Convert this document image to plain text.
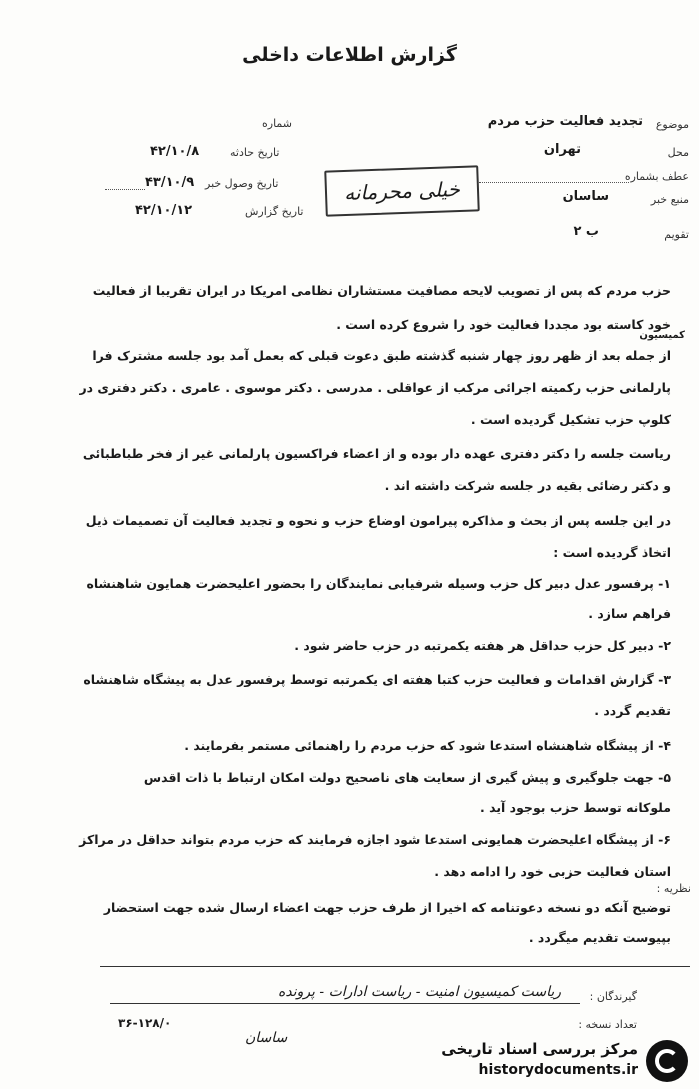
گزارش اطلاعات داخلی
موضوع
تجدید فعالیت حزب مردم
محل
تهران
عطف بشماره
منبع خبر
ساسان
تقویم
ب ۲
شماره
تاریخ حادثه
۴۲/۱۰/۸
تاریخ وصول خبر
۴۳/۱۰/۹
تاریخ گزارش
۴۲/۱۰/۱۲
خیلی محرمانه
حزب مردم که پس از تصویب لایحه مصافیت مستشاران نظامی امریکا در ایران تقریبا از فعالیت
خود کاسته بود مجددا فعالیت خود را شروع کرده است .
کمیسیون
از جمله بعد از ظهر روز چهار شنبه گذشته طبق دعوت قبلی که بعمل آمد بود جلسه مشترک فرا
پارلمانی حزب رکمیته اجرائی مرکب از عواقلی . مدرسی . دکتر موسوی . عامری . دکتر دفتری در
کلوپ حزب تشکیل گردیده است .
ریاست جلسه را دکتر دفتری عهده دار بوده و از اعضاء فراکسیون پارلمانی غیر از فخر طباطبائی
و دکتر رضائی بقیه در جلسه شرکت داشته اند .
در این جلسه پس از بحث و مذاکره پیرامون اوضاع حزب و نحوه و تجدید فعالیت آن تصمیمات ذیل
اتخاذ گردیده است :
۱- پرفسور عدل دبیر کل حزب وسیله شرفیابی نمایندگان را بحضور اعلیحضرت همایون شاهنشاه
فراهم سازد .
۲- دبیر کل حزب حداقل هر هفته یکمرتبه در حزب حاضر شود .
۳- گزارش اقدامات و فعالیت حزب کتبا هفته ای یکمرتبه توسط پرفسور عدل به پیشگاه شاهنشاه
تقدیم گردد .
۴- از پیشگاه شاهنشاه استدعا شود که حزب مردم را راهنمائی مستمر بفرمایند .
۵- جهت جلوگیری و پیش گیری از سعایت های ناصحیح دولت امکان ارتباط با ذات اقدس
ملوکانه توسط حزب بوجود آید .
۶- از پیشگاه اعلیحضرت همایونی استدعا شود اجازه فرمایند که حزب مردم بتواند حداقل در مراکز
استان فعالیت حزبی خود را ادامه دهد .
نظریه :
توضیح آنکه دو نسخه دعوتنامه که اخیرا از طرف حزب جهت اعضاء ارسال شده جهت استحضار
بپیوست تقدیم میگردد .
گیرندگان :
ریاست کمیسیون امنیت - ریاست ادارات - پرونده
تعداد نسخه :
۳۶-۱۲۸/۰
ساسان
مرکز بررسی اسناد تاریخی
historydocuments.ir
